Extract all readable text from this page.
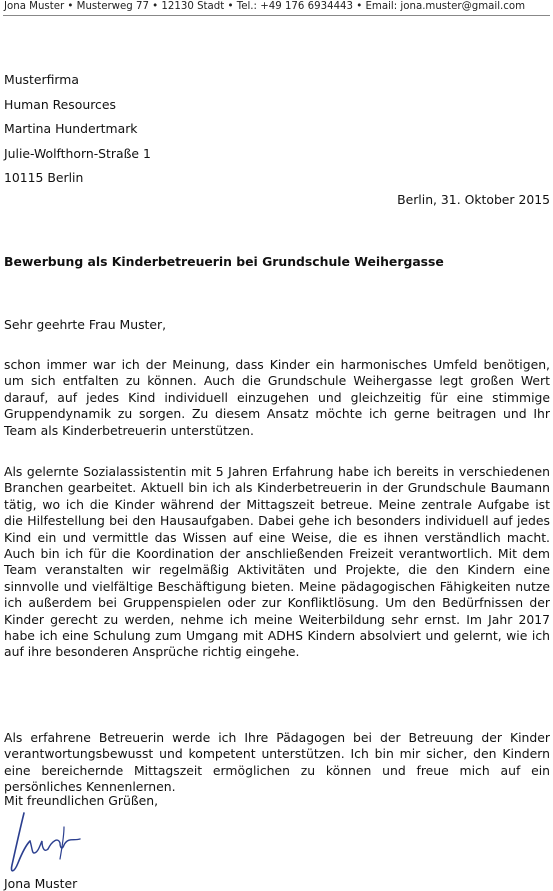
Jona Muster • Musterweg 77 • 12130 Stadt • Tel.: +49 176 6934443 • Email: jona.muster@gmail.com
Musterfirma
Human Resources
Martina Hundertmark
Julie-Wolfthorn-Straße 1
10115 Berlin
Berlin, 31. Oktober 2015
Bewerbung als Kinderbetreuerin bei Grundschule Weihergasse
Sehr geehrte Frau Muster,

schon immer war ich der Meinung, dass Kinder ein harmonisches Umfeld benötigen, um sich entfalten zu können. Auch die Grundschule Weihergasse legt großen Wert darauf, auf jedes Kind individuell einzugehen und gleichzeitig für eine stimmige Gruppendynamik zu sorgen. Zu diesem Ansatz möchte ich gerne beitragen und Ihr Team als Kinderbetreuerin unterstützen.

Als gelernte Sozialassistentin mit 5 Jahren Erfahrung habe ich bereits in verschiedenen Branchen gearbeitet. Aktuell bin ich als Kinderbetreuerin in der Grundschule Baumann tätig, wo ich die Kinder während der Mittagszeit betreue. Meine zentrale Aufgabe ist die Hilfestellung bei den Hausaufgaben. Dabei gehe ich besonders individuell auf jedes Kind ein und vermittle das Wissen auf eine Weise, die es ihnen verständlich macht. Auch bin ich für die Koordination der anschließenden Freizeit verantwortlich. Mit dem Team veranstalten wir regelmäßig Aktivitäten und Projekte, die den Kindern eine sinnvolle und vielfältige Beschäftigung bieten. Meine pädagogischen Fähigkeiten nutze ich außerdem bei Gruppenspielen oder zur Konfliktlösung. Um den Bedürfnissen der Kinder gerecht zu werden, nehme ich meine Weiterbildung sehr ernst. Im Jahr 2017 habe ich eine Schulung zum Umgang mit ADHS Kindern absolviert und gelernt, wie ich auf ihre besonderen Ansprüche richtig eingehe.

Als erfahrene Betreuerin werde ich Ihre Pädagogen bei der Betreuung der Kinder verantwortungsbewusst und kompetent unterstützen. Ich bin mir sicher, den Kindern eine bereichernde Mittagszeit ermöglichen zu können und freue mich auf ein persönliches Kennenlernen.

Mit freundlichen Grüßen,
Jona Muster
